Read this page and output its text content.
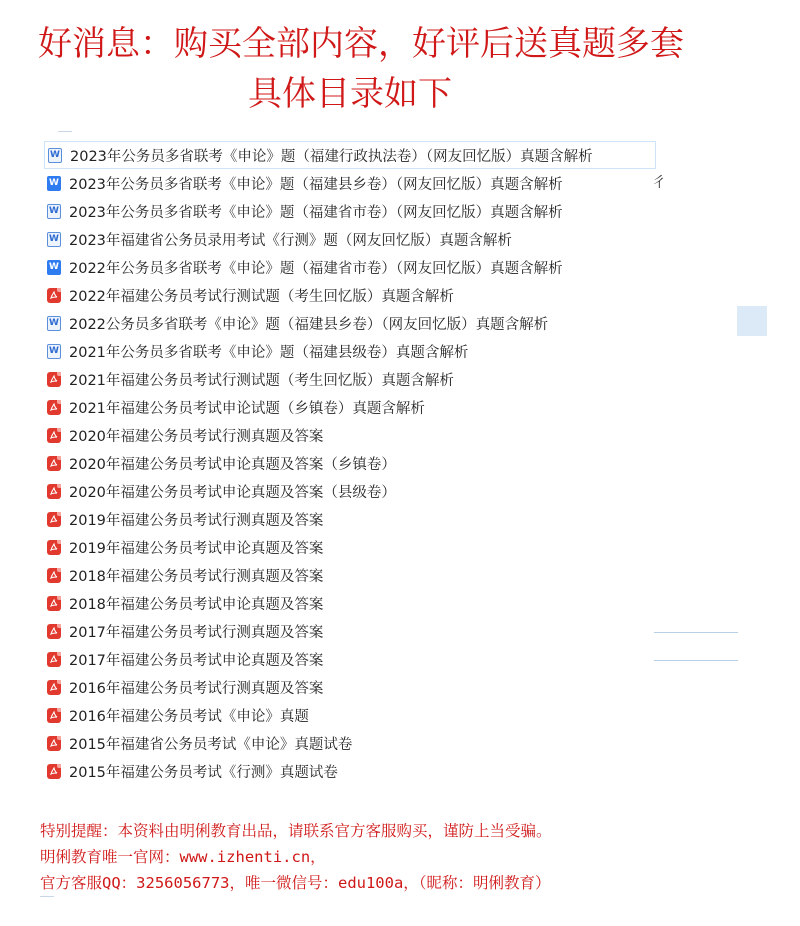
好消息：购买全部内容，好评后送真题多套
具体目录如下
W 2023年公务员多省联考《申论》题（福建行政执法卷）（网友回忆版）真题含解析
W 2023年公务员多省联考《申论》题（福建县乡卷）（网友回忆版）真题含解析
W 2023年公务员多省联考《申论》题（福建省市卷）（网友回忆版）真题含解析
W 2023年福建省公务员录用考试《行测》题（网友回忆版）真题含解析
W 2022年公务员多省联考《申论》题（福建省市卷）（网友回忆版）真题含解析
2022年福建公务员考试行测试题（考生回忆版）真题含解析
W 2022公务员多省联考《申论》题（福建县乡卷）（网友回忆版）真题含解析
W 2021年公务员多省联考《申论》题（福建县级卷）真题含解析
2021年福建公务员考试行测试题（考生回忆版）真题含解析
2021年福建公务员考试申论试题（乡镇卷）真题含解析
2020年福建公务员考试行测真题及答案
2020年福建公务员考试申论真题及答案（乡镇卷）
2020年福建公务员考试申论真题及答案（县级卷）
2019年福建公务员考试行测真题及答案
2019年福建公务员考试申论真题及答案
2018年福建公务员考试行测真题及答案
2018年福建公务员考试申论真题及答案
2017年福建公务员考试行测真题及答案
2017年福建公务员考试申论真题及答案
2016年福建公务员考试行测真题及答案
2016年福建公务员考试《申论》真题
2015年福建省公务员考试《申论》真题试卷
2015年福建公务员考试《行测》真题试卷
彳
特别提醒：本资料由明俐教育出品，请联系官方客服购买，谨防上当受骗。
明俐教育唯一官网：www.izhenti.cn，
官方客服QQ：3256056773，唯一微信号：edu100a，（昵称：明俐教育）
